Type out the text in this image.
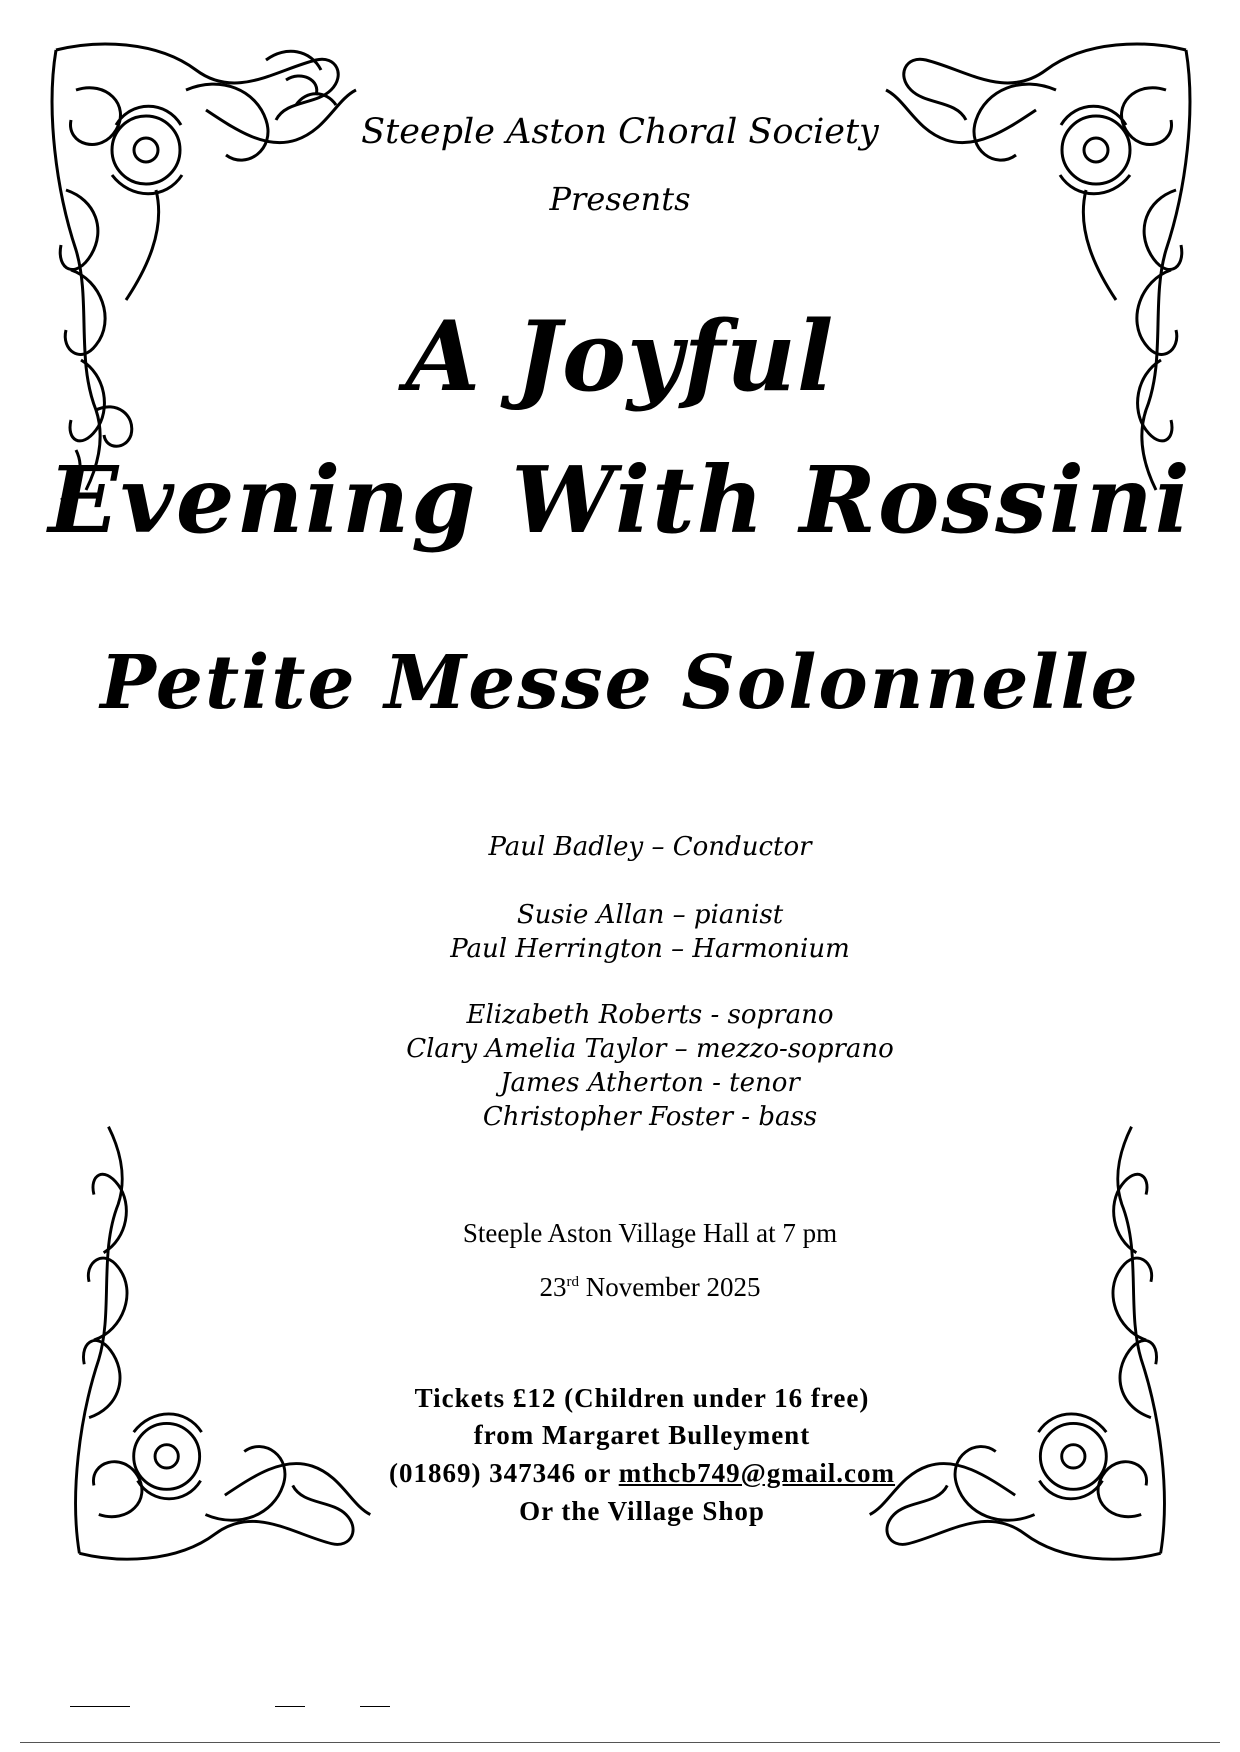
Steeple Aston Choral Society
Presents
A Joyful
Evening With Rossini
Petite Messe Solonnelle
Paul Badley – Conductor
Susie Allan – pianist
Paul Herrington – Harmonium
Elizabeth Roberts - soprano
Clary Amelia Taylor – mezzo-soprano
James Atherton - tenor
Christopher Foster - bass
Steeple Aston Village Hall at 7 pm
23rd November 2025
Tickets £12 (Children under 16 free)
from Margaret Bulleyment
(01869) 347346 or mthcb749@gmail.com
Or the Village Shop
